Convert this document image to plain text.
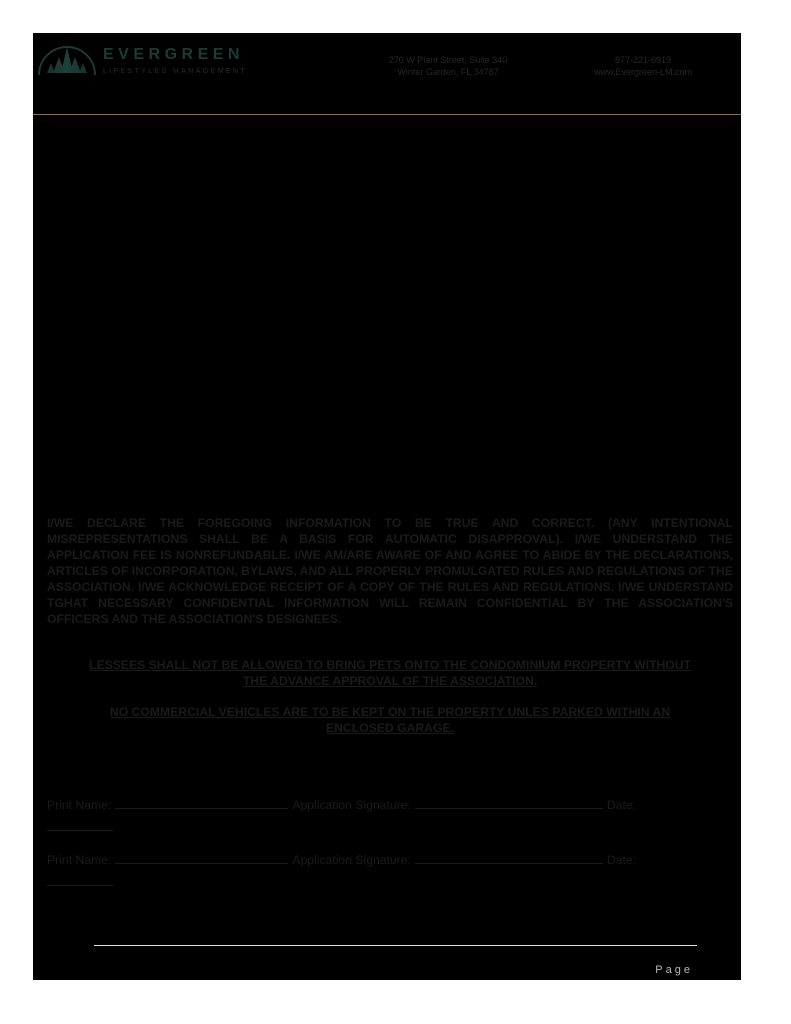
EVERGREEN
LIFESTYLES MANAGEMENT
270 W Plant Street, Suite 340
Winter Garden, FL 34787
877-221-6919
www.Evergreen-LM.com

I/WE DECLARE THE FOREGOING INFORMATION TO BE TRUE AND CORRECT. (ANY INTENTIONAL MISREPRESENTATIONS SHALL BE A BASIS FOR AUTOMATIC DISAPPROVAL). I/WE UNDERSTAND THE APPLICATION FEE IS NONREFUNDABLE. I/WE AM/ARE AWARE OF AND AGREE TO ABIDE BY THE DECLARATIONS, ARTICLES OF INCORPORATION, BYLAWS, AND ALL PROPERLY PROMULGATED RULES AND REGULATIONS OF THE ASSOCIATION. I/WE ACKNOWLEDGE RECEIPT OF A COPY OF THE RULES AND REGULATIONS. I/WE UNDERSTAND TGHAT NECESSARY CONFIDENTIAL INFORMATION WILL REMAIN CONFIDENTIAL BY THE ASSOCIATION'S OFFICERS AND THE ASSOCIATION'S DESIGNEES.

LESSEES SHALL NOT BE ALLOWED TO BRING PETS ONTO THE CONDOMINIUM PROPERTY WITHOUT
THE ADVANCE APPROVAL OF THE ASSOCIATION.

NO COMMERCIAL VEHICLES ARE TO BE KEPT ON THE PROPERTY UNLES PARKED WITHIN AN
ENCLOSED GARAGE.

Print Name:	Application Signature:	Date:
Print Name:	Application Signature:	Date:
Page
